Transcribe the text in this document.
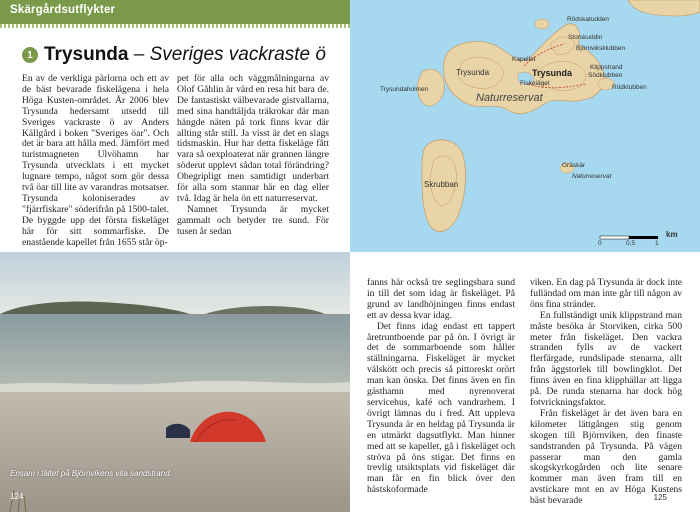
Skärgårdsutflykter
1 Trysunda – Sveriges vackraste ö

En av de verkliga pärlorna och ett av de bäst bevarade fiskelägena i hela Höga Kusten-området. År 2006 blev Trysunda hedersamt utsedd till Sveriges vackraste ö av Anders Källgård i boken "Sveriges öar". Och det är bara att hålla med. Jämfört med turistmagneten Ulvöhamn har Trysunda utvecklats i ett mycket lugnare tempo, något som gör dessa två öar till lite av varandras motsatser. Trysunda koloniserades av "fjärrfiskare" söderifrån på 1500-talet. De byggde upp det första fiskeläget här för sitt sommarfiske. De enastående kapellet från 1655 står öp-

pet för alla och väggmålningarna av Olof Gåhlin är värd en resa hit bara de. De fantastiskt välbevarade gistvallarna, med sina handtäljda träkrokar där man hängde näten på tork finns kvar där allting står still. Ja visst är det en slags tidsmaskin. Hur har detta fiskeläge fått vara så oexploaterat när grannen längre söderut upplevt sådan total förändring? Obegripligt men samtidigt underbart för alla som stannar här en dag eller två. Idag är hela ön ett naturreservat.

Namnet Trysunda är mycket gammalt och betyder tre sund. För tusen år sedan

Rödskatudden
Storskuddin
Björnviksklubben
Klippstrand
Kapellet
Trysunda	Trysunda
Fiskeläget
Trysundaholmen
Södklubben
Naturreservat
Rödklubben
Gräskär
Naturreservat
Skrubban
0	0,5	1
km
Ensam i tältet på Björnvikens vita sandstrand.
124

fanns här också tre seglingsbara sund in till det som idag är fiskeläget. På grund av landhöjningen finns endast ett av dessa kvar idag.

Det finns idag endast ett tappert åretruntboende par på ön. I övrigt är det de sommarboende som håller ställningarna. Fiskeläget är mycket välskött och precis så pittoreskt orört man kan önska. Det finns även en fin gästhamn med nyrenoverat servicehus, kafé och vandrarhem. I övrigt lämnas du i fred. Att uppleva Trysunda är en heldag på Trysunda är en utmärkt dagsutflykt. Man hinner med att se kapellet, gå i fiskeläget och ströva på öns stigar. Det finns en trevlig utsiktsplats vid fiskeläget där man får en fin blick över den hästskoformade

viken. En dag på Trysunda är dock inte fulländad om man inte går till någon av öns fina stränder.

En fullständigt unik klippstrand man måste besöka är Storviken, cirka 500 meter från fiskeläget. Den vackra stranden fylls av de vackert flerfärgade, rundslipade stenarna, allt från äggstorlek till bowlingklot. Det finns även en fina klipphällar att ligga på. De runda stenarna har dock hög fotvrickningsfaktor.

Från fiskeläget är det även bara en kilometer lättgången stig genom skogen till Björnviken, den finaste sandstranden på Trysunda. På vägen passerar man den gamla skogskyrkogården och lite senare kommer man även fram till en avstickare mot en av Höga Kustens bäst bevarade	125
